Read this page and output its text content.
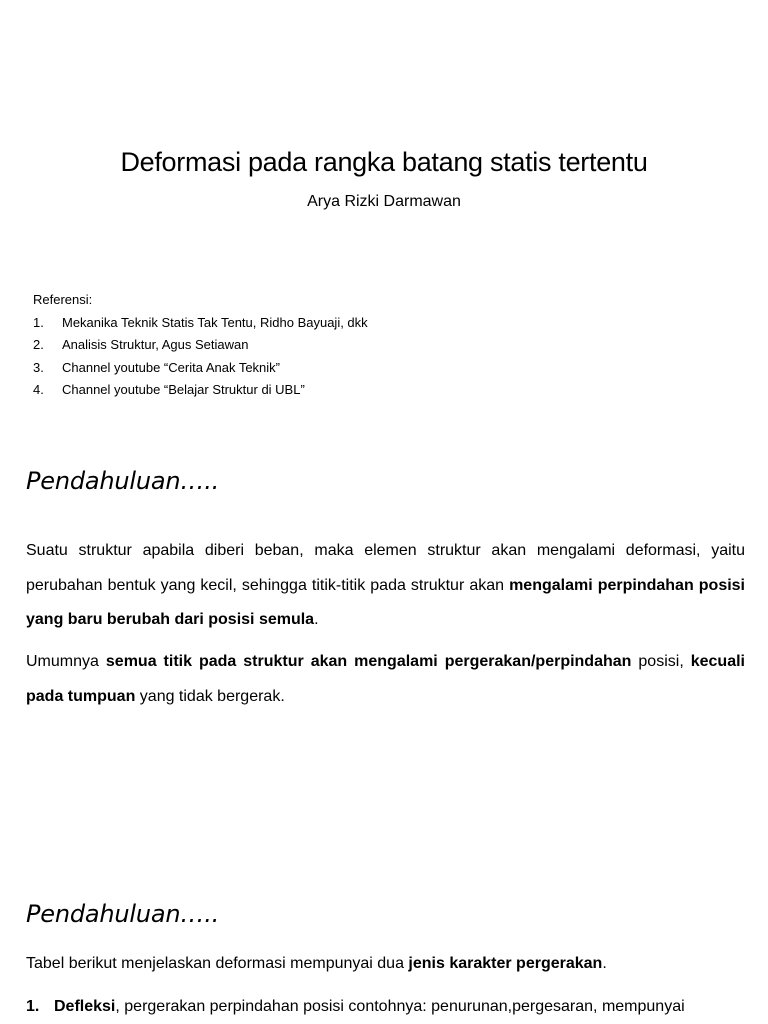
Deformasi pada rangka batang statis tertentu
Arya Rizki Darmawan
Referensi:
1.	Mekanika Teknik Statis Tak Tentu, Ridho Bayuaji, dkk
2.	Analisis Struktur, Agus Setiawan
3.	Channel youtube “Cerita Anak Teknik”
4.	Channel youtube “Belajar Struktur di UBL”
Pendahuluan…..

Suatu struktur apabila diberi beban, maka elemen struktur akan mengalami deformasi, yaitu perubahan bentuk yang kecil, sehingga titik-titik pada struktur akan mengalami perpindahan posisi yang baru berubah dari posisi semula.

Umumnya semua titik pada struktur akan mengalami pergerakan/perpindahan posisi, kecuali pada tumpuan yang tidak bergerak.

Pendahuluan…..

Tabel berikut menjelaskan deformasi mempunyai dua jenis karakter pergerakan.

1. Defleksi, pergerakan perpindahan posisi contohnya: penurunan,pergesaran, mempunyai
